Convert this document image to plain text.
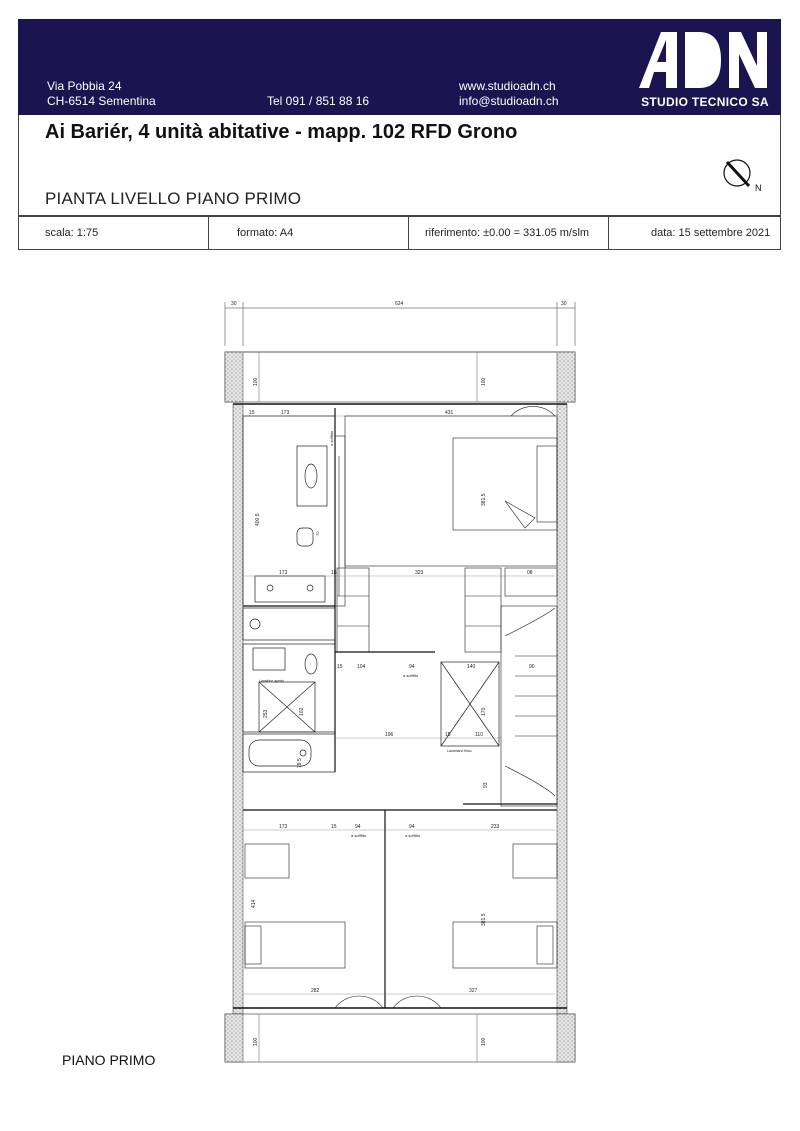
Via Pobbia 24
CH-6514 Sementina	Tel 091 / 851 88 16
www.studioadn.ch
info@studioadn.ch	STUDIO TECNICO SA
Ai Bariér, 4 unità abitative - mapp. 102 RFD Grono
PIANTA LIVELLO PIANO PRIMO
N
scala: 1:75	formato: A4	riferimento: ±0.00 = 331.05 m/slm	data: 15 settembre 2021
30	624	30
100	100
15	173	431
400.5
70
a soffitto
381.5
173	15	323	08
104
15	94	140	90
a soffitto
Lavatrice aperto
253	102	170
Lavamano fisso
196	15	110
79.5
93
173	15	94	94	233
a soffitto	a soffitto
414
381.5
282	327
100	100
PIANO PRIMO
